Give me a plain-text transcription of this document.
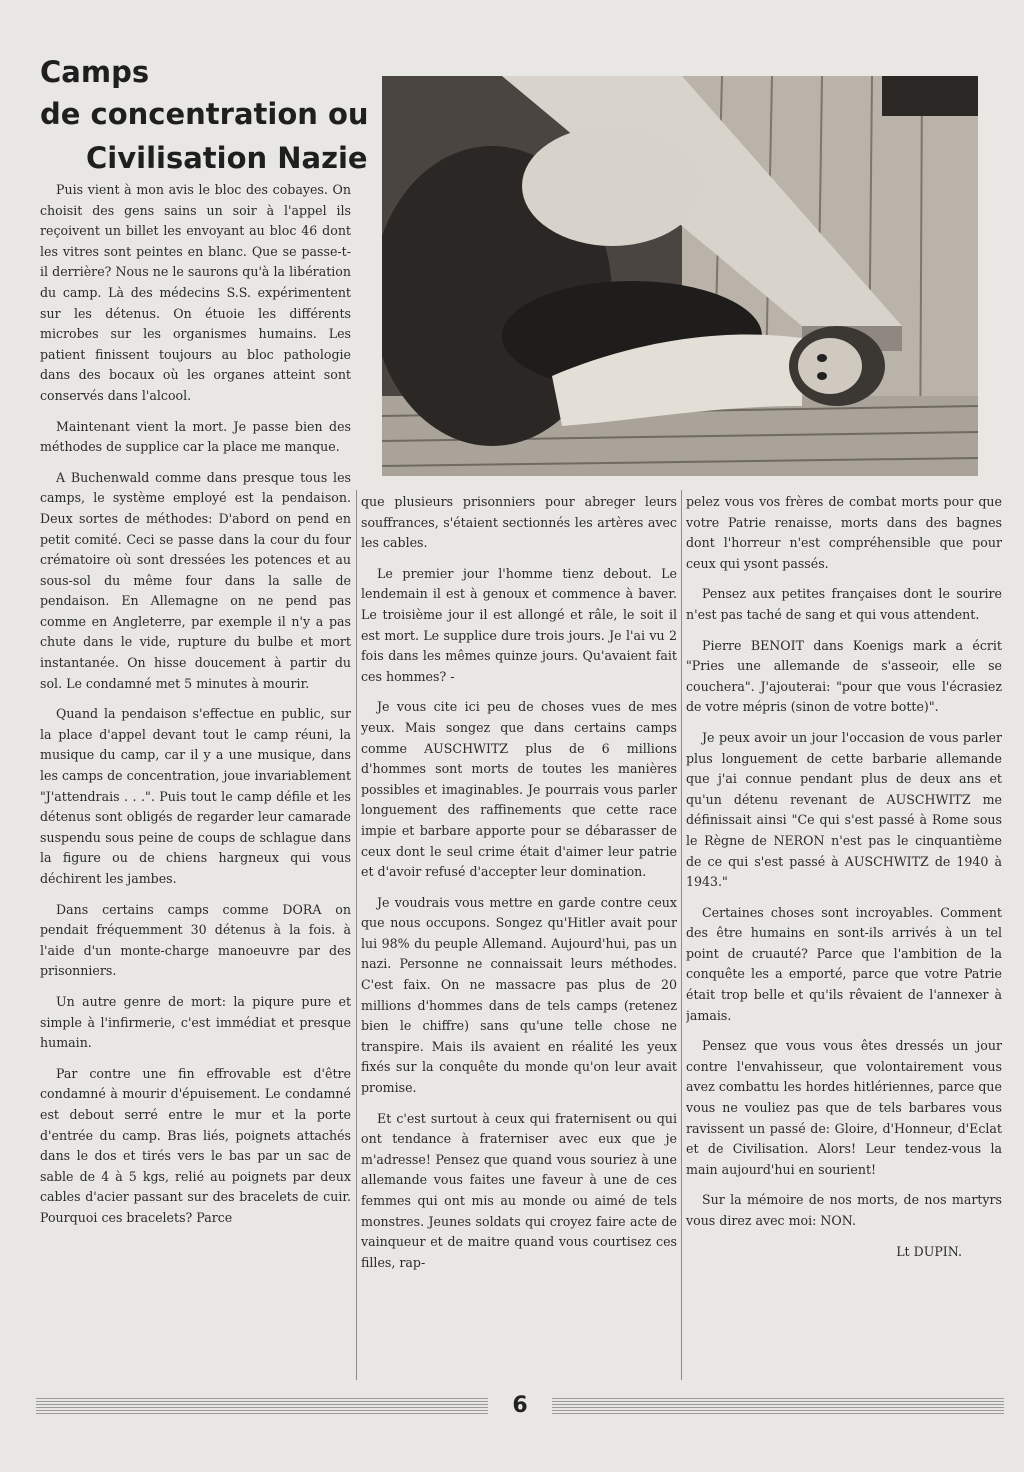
Camps
de concentration ou
Civilisation Nazie

Puis vient à mon avis le bloc des cobayes. On choisit des gens sains un soir à l'appel ils reçoivent un billet les envoyant au bloc 46 dont les vitres sont peintes en blanc. Que se passe-t-il derrière? Nous ne le saurons qu'à la libération du camp. Là des médecins S.S. expérimentent sur les détenus. On étuoie les différents microbes sur les organismes humains. Les patient finissent toujours au bloc pathologie dans des bocaux où les organes atteint sont conservés dans l'alcool.

Maintenant vient la mort. Je passe bien des méthodes de supplice car la place me manque.

A Buchenwald comme dans presque tous les camps, le système employé est la pendaison. Deux sortes de méthodes: D'abord on pend en petit comité. Ceci se passe dans la cour du four crématoire où sont dressées les potences et au sous-sol du même four dans la salle de pendaison. En Allemagne on ne pend pas comme en Angleterre, par exemple il n'y a pas chute dans le vide, rupture du bulbe et mort instantanée. On hisse doucement à partir du sol. Le condamné met 5 minutes à mourir.

Quand la pendaison s'effectue en public, sur la place d'appel devant tout le camp réuni, la musique du camp, car il y a une musique, dans les camps de concentration, joue invariablement "J'attendrais . . .". Puis tout le camp défile et les détenus sont obligés de regarder leur camarade suspendu sous peine de coups de schlague dans la figure ou de chiens hargneux qui vous déchirent les jambes.

Dans certains camps comme DORA on pendait fréquemment 30 détenus à la fois. à l'aide d'un monte-charge manoeuvre par des prisonniers.

Un autre genre de mort: la piqure pure et simple à l'infirmerie, c'est immédiat et presque humain.

Par contre une fin effrovable est d'être condamné à mourir d'épuisement. Le condamné est debout serré entre le mur et la porte d'entrée du camp. Bras liés, poignets attachés dans le dos et tirés vers le bas par un sac de sable de 4 à 5 kgs, relié au poignets par deux cables d'acier passant sur des bracelets de cuir. Pourquoi ces bracelets? Parce

que plusieurs prisonniers pour abreger leurs souffrances, s'étaient sectionnés les artères avec les cables.

Le premier jour l'homme tienz debout. Le lendemain il est à genoux et commence à baver. Le troisième jour il est allongé et râle, le soit il est mort. Le supplice dure trois jours. Je l'ai vu 2 fois dans les mêmes quinze jours. Qu'avaient fait ces hommes? -

Je vous cite ici peu de choses vues de mes yeux. Mais songez que dans certains camps comme AUSCHWITZ plus de 6 millions d'hommes sont morts de toutes les manières possibles et imaginables. Je pourrais vous parler longuement des raffinements que cette race impie et barbare apporte pour se débarasser de ceux dont le seul crime était d'aimer leur patrie et d'avoir refusé d'accepter leur domination.

Je voudrais vous mettre en garde contre ceux que nous occupons. Songez qu'Hitler avait pour lui 98% du peuple Allemand. Aujourd'hui, pas un nazi. Personne ne connaissait leurs méthodes. C'est faix. On ne massacre pas plus de 20 millions d'hommes dans de tels camps (retenez bien le chiffre) sans qu'une telle chose ne transpire. Mais ils avaient en réalité les yeux fixés sur la conquête du monde qu'on leur avait promise.

Et c'est surtout à ceux qui fraternisent ou qui ont tendance à fraterniser avec eux que je m'adresse! Pensez que quand vous souriez à une allemande vous faites une faveur à une de ces femmes qui ont mis au monde ou aimé de tels monstres. Jeunes soldats qui croyez faire acte de vainqueur et de maitre quand vous courtisez ces filles, rap-

pelez vous vos frères de combat morts pour que votre Patrie renaisse, morts dans des bagnes dont l'horreur n'est compréhensible que pour ceux qui ysont passés.

Pensez aux petites françaises dont le sourire n'est pas taché de sang et qui vous attendent.

Pierre BENOIT dans Koenigs mark a écrit "Pries une allemande de s'asseoir, elle se couchera". J'ajouterai: "pour que vous l'écrasiez de votre mépris (sinon de votre botte)".

Je peux avoir un jour l'occasion de vous parler plus longuement de cette barbarie allemande que j'ai connue pendant plus de deux ans et qu'un détenu revenant de AUSCHWITZ me définissait ainsi "Ce qui s'est passé à Rome sous le Règne de NERON n'est pas le cinquantième de ce qui s'est passé à AUSCHWITZ de 1940 à 1943."

Certaines choses sont incroyables. Comment des être humains en sont-ils arrivés à un tel point de cruauté? Parce que l'ambition de la conquête les a emporté, parce que votre Patrie était trop belle et qu'ils rêvaient de l'annexer à jamais.

Pensez que vous vous êtes dressés un jour contre l'envahisseur, que volontairement vous avez combattu les hordes hitlériennes, parce que vous ne vouliez pas que de tels barbares vous ravissent un passé de: Gloire, d'Honneur, d'Eclat et de Civilisation. Alors! Leur tendez-vous la main aujourd'hui en sourient!

Sur la mémoire de nos morts, de nos martyrs vous direz avec moi: NON.

Lt DUPIN.

6
